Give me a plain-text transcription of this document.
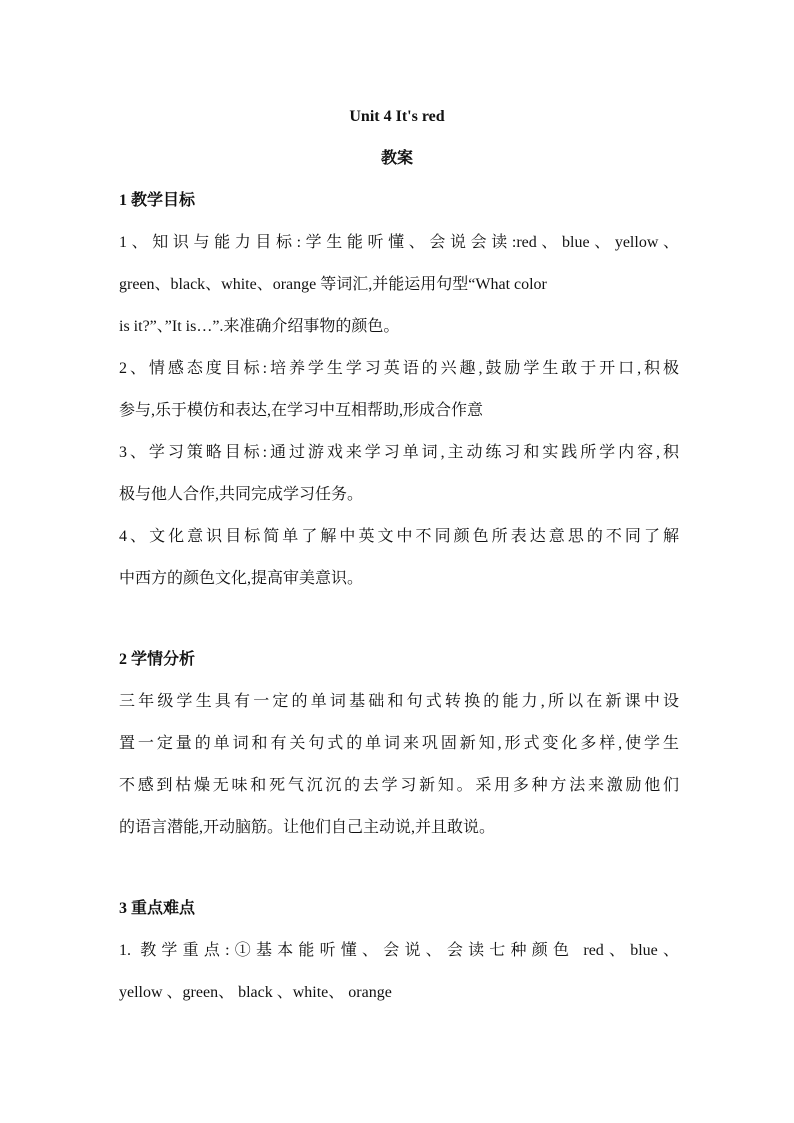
Unit 4 It's red
教案
1 教学目标
1、知识与能力目标:学生能听懂、会说会读:red、blue、yellow、
green、black、white、orange 等词汇,并能运用句型“What color
is it?”、”It is…”.来准确介绍事物的颜色。
2、情感态度目标:培养学生学习英语的兴趣,鼓励学生敢于开口,积极
参与,乐于模仿和表达,在学习中互相帮助,形成合作意
3、学习策略目标:通过游戏来学习单词,主动练习和实践所学内容,积
极与他人合作,共同完成学习任务。
4、文化意识目标简单了解中英文中不同颜色所表达意思的不同了解
中西方的颜色文化,提高审美意识。
2 学情分析
三年级学生具有一定的单词基础和句式转换的能力,所以在新课中设
置一定量的单词和有关句式的单词来巩固新知,形式变化多样,使学生
不感到枯燥无味和死气沉沉的去学习新知。采用多种方法来激励他们
的语言潜能,开动脑筋。让他们自己主动说,并且敢说。
3 重点难点
1. 教学重点:①基本能听懂、会说、会读七种颜色 red、blue、
yellow 、green、 black 、white、 orange
